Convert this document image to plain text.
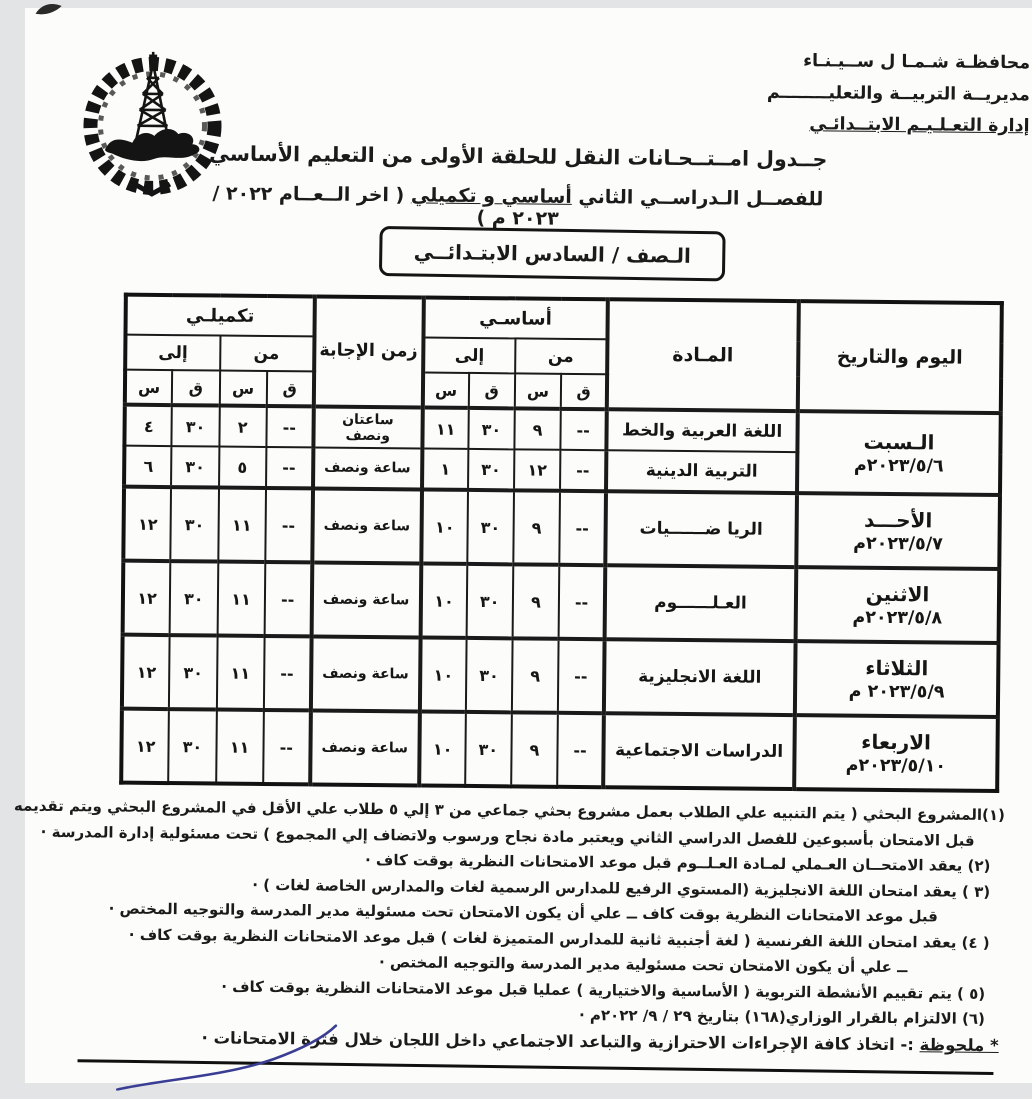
محافظـة شـمـا ل ســيـنـاء
مديريــة التربيــة والتعليــــــــم
إدارة التعـلـيـم الابتــدائـي
جــدول امــتــحـانات النقل للحلقة الأولى من التعليم الأساسي
للفصــل الـدراســي الثاني أساسي و تكميلي ( اخر الــعــام ٢٠٢٢ / ٢٠٢٣ م )
الـصف / السادس الابتـدائــي
اليوم والتاريخ	المـادة	أساسـي				زمن الإجابة	تكميلـي			
		من		إلى			من		إلى	
		ق	س	ق	س		ق	س	ق	س

الـسبت
٢٠٢٣/٥/٦م	اللغة العربية والخط	--	٩	٣٠	١١	ساعتان ونصف	--	٢	٣٠	٤
	التربية الدينية	--	١٢	٣٠	١	ساعة ونصف	--	٥	٣٠	٦

الأحـــد
٢٠٢٣/٥/٧م	الريا ضــــــيات	--	٩	٣٠	١٠	ساعة ونصف	--	١١	٣٠	١٢

الاثنين
٢٠٢٣/٥/٨م	العـلــــــوم	--	٩	٣٠	١٠	ساعة ونصف	--	١١	٣٠	١٢

الثلاثاء
٢٠٢٣/٥/٩ م	اللغة الانجليزية	--	٩	٣٠	١٠	ساعة ونصف	--	١١	٣٠	١٢

الاربعاء
٢٠٢٣/٥/١٠م	الدراسات الاجتماعية	--	٩	٣٠	١٠	ساعة ونصف	--	١١	٣٠	١٢
(١)المشروع البحثي ( يتم التنبيه علي الطلاب بعمل مشروع بحثي جماعي من ٣ إلي ٥ طلاب علي الأقل في المشروع البحثي ويتم تقديمه
قبل الامتحان بأسبوعين للفصل الدراسي الثاني ويعتبر مادة نجاح ورسوب ولاتضاف إلي المجموع ) تحت مسئولية إدارة المدرسة ·
(٢) يعقد الامتحــان العـملي لمـادة العـلــوم قبل موعد الامتحانات النظرية بوقت كاف ·
(٣ ) يعقد امتحان اللغة الانجليزية (المستوي الرفيع للمدارس الرسمية لغات والمدارس الخاصة لغات ) ·
قبل موعد الامتحانات النظرية بوقت كاف ــ علي أن يكون الامتحان تحت مسئولية مدير المدرسة والتوجيه المختص ·
( ٤) يعقد امتحان اللغة الفرنسية ( لغة أجنبية ثانية للمدارس المتميزة لغات ) قبل موعد الامتحانات النظرية بوقت كاف ·
ــ علي أن يكون الامتحان تحت مسئولية مدير المدرسة والتوجيه المختص ·
(٥ ) يتم تقييم الأنشطة التربوية ( الأساسية والاختيارية ) عمليا قبل موعد الامتحانات النظرية بوقت كاف ·
(٦) الالتزام بالقرار الوزاري(١٦٨) بتاريخ ٢٩ / ٩/ ٢٠٢٢م ·
* ملحوظة :- اتخاذ كافة الإجراءات الاحترازية والتباعد الاجتماعي داخل اللجان خلال فترة الامتحانات ·
